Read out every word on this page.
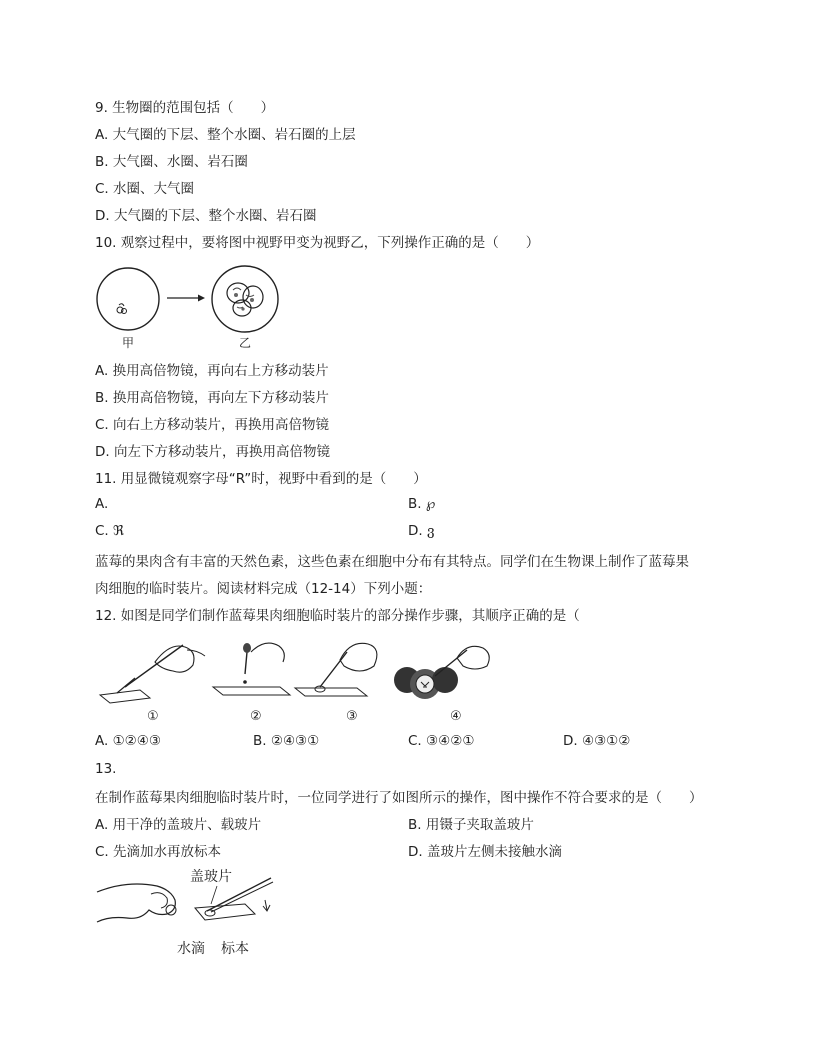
9. 生物圈的范围包括（　　）
A. 大气圈的下层、整个水圈、岩石圈的上层
B. 大气圈、水圈、岩石圈
C. 水圈、大气圈
D. 大气圈的下层、整个水圈、岩石圈
10. 观察过程中，要将图中视野甲变为视野乙，下列操作正确的是（　　）
甲	乙
A. 换用高倍物镜，再向右上方移动装片
B. 换用高倍物镜，再向左下方移动装片
C. 向右上方移动装片，再换用高倍物镜
D. 向左下方移动装片，再换用高倍物镜
11. 用显微镜观察字母“R”时，视野中看到的是（　　）
A.	B. ℘
C. ℜ	D. ვ
蓝莓的果肉含有丰富的天然色素，这些色素在细胞中分布有其特点。同学们在生物课上制作了蓝莓果
肉细胞的临时装片。阅读材料完成（12-14）下列小题：
12. 如图是同学们制作蓝莓果肉细胞临时装片的部分操作步骤，其顺序正确的是（
①	②	③	④
A. ①②④③	B. ②④③①	C. ③④②①	D. ④③①②
13.
在制作蓝莓果肉细胞临时装片时，一位同学进行了如图所示的操作，图中操作不符合要求的是（　　）
A. 用干净的盖玻片、载玻片	B. 用镊子夹取盖玻片
C. 先滴加水再放标本	D. 盖玻片左侧未接触水滴
盖玻片
水滴 标本
